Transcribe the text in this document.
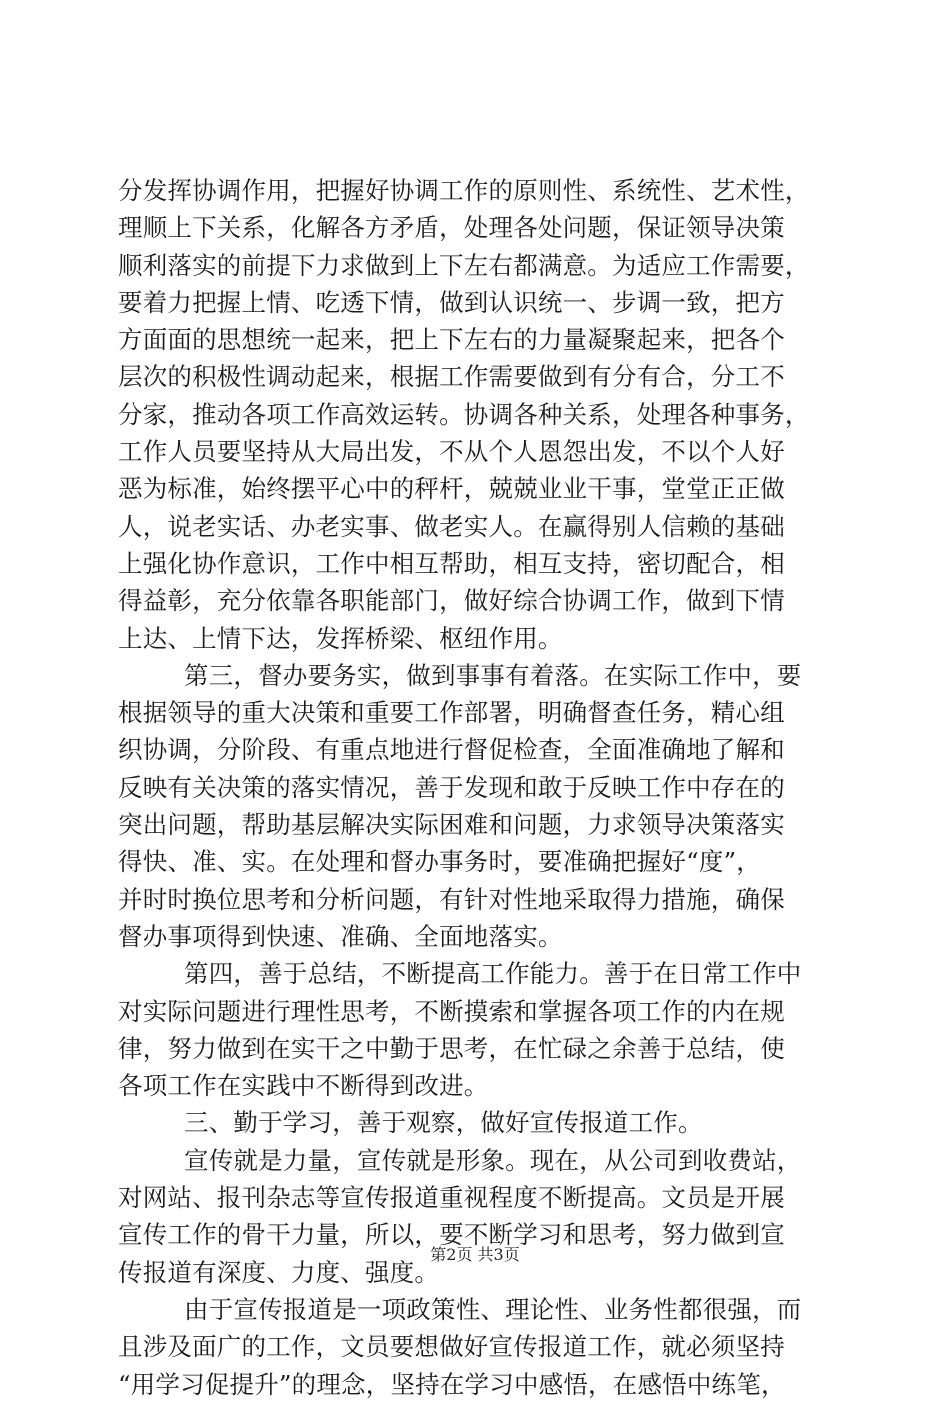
分发挥协调作用，把握好协调工作的原则性、系统性、艺术性，
理顺上下关系，化解各方矛盾，处理各处问题，保证领导决策
顺利落实的前提下力求做到上下左右都满意。为适应工作需要，
要着力把握上情、吃透下情，做到认识统一、步调一致，把方
方面面的思想统一起来，把上下左右的力量凝聚起来，把各个
层次的积极性调动起来，根据工作需要做到有分有合，分工不
分家，推动各项工作高效运转。协调各种关系，处理各种事务，
工作人员要坚持从大局出发，不从个人恩怨出发，不以个人好
恶为标准，始终摆平心中的秤杆，兢兢业业干事，堂堂正正做
人，说老实话、办老实事、做老实人。在赢得别人信赖的基础
上强化协作意识，工作中相互帮助，相互支持，密切配合，相
得益彰，充分依靠各职能部门，做好综合协调工作，做到下情
上达、上情下达，发挥桥梁、枢纽作用。
第三，督办要务实，做到事事有着落。在实际工作中，要
根据领导的重大决策和重要工作部署，明确督查任务，精心组
织协调，分阶段、有重点地进行督促检查，全面准确地了解和
反映有关决策的落实情况，善于发现和敢于反映工作中存在的
突出问题，帮助基层解决实际困难和问题，力求领导决策落实
得快、准、实。在处理和督办事务时，要准确把握好“度”，
并时时换位思考和分析问题，有针对性地采取得力措施，确保
督办事项得到快速、准确、全面地落实。
第四，善于总结，不断提高工作能力。善于在日常工作中
对实际问题进行理性思考，不断摸索和掌握各项工作的内在规
律，努力做到在实干之中勤于思考，在忙碌之余善于总结，使
各项工作在实践中不断得到改进。
三、勤于学习，善于观察，做好宣传报道工作。
宣传就是力量，宣传就是形象。现在，从公司到收费站，
对网站、报刊杂志等宣传报道重视程度不断提高。文员是开展
宣传工作的骨干力量，所以，要不断学习和思考，努力做到宣
传报道有深度、力度、强度。
由于宣传报道是一项政策性、理论性、业务性都很强，而
且涉及面广的工作，文员要想做好宣传报道工作，就必须坚持
“用学习促提升”的理念，坚持在学习中感悟，在感悟中练笔，
第2页 共3页
